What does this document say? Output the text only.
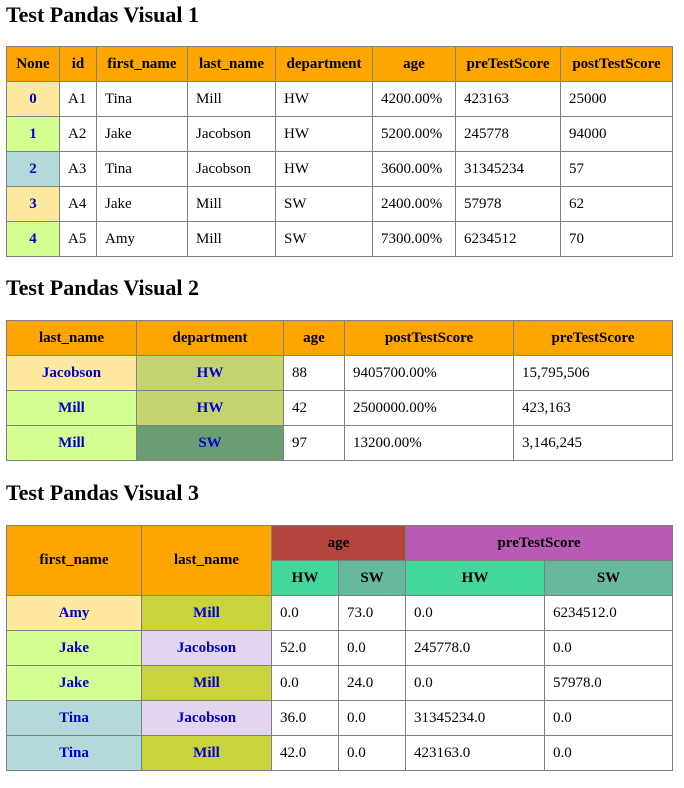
Test Pandas Visual 1
None	id	first_name	last_name	department	age	preTestScore	postTestScore
0	A1	Tina	Mill	HW	4200.00%	423163	25000
1	A2	Jake	Jacobson	HW	5200.00%	245778	94000
2	A3	Tina	Jacobson	HW	3600.00%	31345234	57
3	A4	Jake	Mill	SW	2400.00%	57978	62
4	A5	Amy	Mill	SW	7300.00%	6234512	70
Test Pandas Visual 2
last_name	department	age	postTestScore	preTestScore
Jacobson	HW	88	9405700.00%	15,795,506
Mill	HW	42	2500000.00%	423,163
Mill	SW	97	13200.00%	3,146,245
Test Pandas Visual 3
first_name	last_name	age		preTestScore	
		HW	SW	HW	SW
Amy	Mill	0.0	73.0	0.0	6234512.0
Jake	Jacobson	52.0	0.0	245778.0	0.0
Jake	Mill	0.0	24.0	0.0	57978.0
Tina	Jacobson	36.0	0.0	31345234.0	0.0
Tina	Mill	42.0	0.0	423163.0	0.0
